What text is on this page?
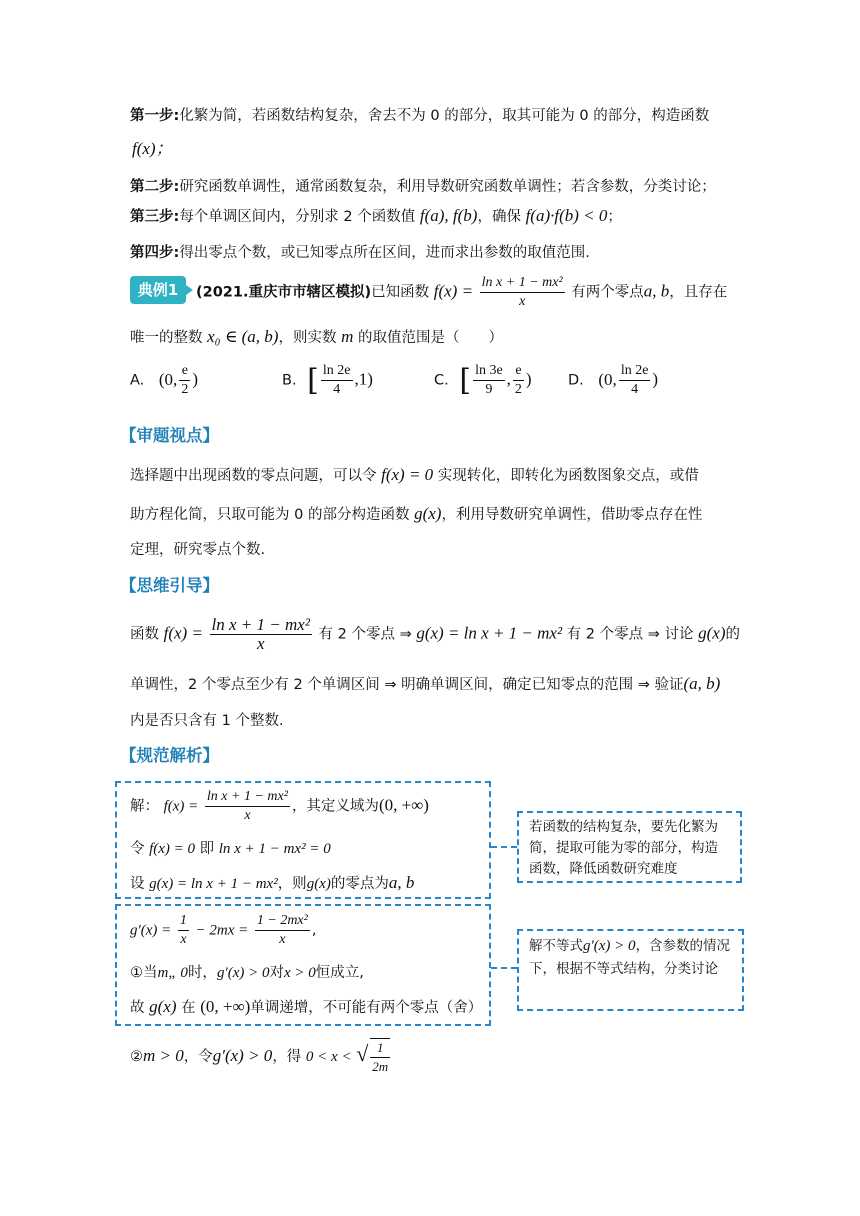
第一步:化繁为简，若函数结构复杂，舍去不为 0 的部分，取其可能为 0 的部分，构造函数
f(x)；
第二步:研究函数单调性，通常函数复杂，利用导数研究函数单调性；若含参数，分类讨论；
第三步:每个单调区间内，分别求 2 个函数值 f(a), f(b)，确保 f(a)·f(b) < 0；
第四步:得出零点个数，或已知零点所在区间，进而求出参数的取值范围.
典例1	(2021.重庆市市辖区模拟)已知函数 $f(x) = \frac{\text{ln x + 1 − mx²}}{x}$ 有两个零点a, b，且存在
唯一的整数 x₀ ∈ (a, b)，则实数 m 的取值范围是（　　）
A. (0, $\frac{e}{2}$ )	B. [ $\frac{\ln 2e}{4} ,1$)	C. [ $\frac{\ln 3e}{9}$ , $\frac{e}{2}$ )	D. (0, $\frac{\ln 2e}{4}$ )
【审题视点】
选择题中出现函数的零点问题，可以令 f(x) = 0 实现转化，即转化为函数图象交点，或借
助方程化简，只取可能为 0 的部分构造函数 g(x)，利用导数研究单调性，借助零点存在性
定理，研究零点个数.
【思维引导】
函数 $f(x) = \frac{\text{ln x + 1 − mx²}}{x}$ 有 2 个零点 ⇒ g(x) = ln x + 1 − mx² 有 2 个零点 ⇒ 讨论 g(x)的
单调性，2 个零点至少有 2 个单调区间 ⇒ 明确单调区间，确定已知零点的范围 ⇒ 验证(a, b)
内是否只含有 1 个整数.
【规范解析】
解： $f(x) = \frac{\text{ln x + 1 − mx²}}{x}$ ，其定义域为(0, +∞)
令 f(x) = 0 即 ln x + 1 − mx² = 0
设 g(x) = ln x + 1 − mx²，则g(x)的零点为a, b
$g'(x) = \frac{1}{x} - 2mx = \frac{\text{1 − 2mx²}}{x}$ ,
①当m„ 0时，g′(x) > 0对x > 0恒成立,
故 g(x) 在 (0, +∞)单调递增，不可能有两个零点（舍）
②m > 0，令g′(x) > 0，得 0 < x < √ $\frac{1}{2m}$
若函数的结构复杂，要先化繁为简，提取可能为零的部分，构造函数，降低函数研究难度
解不等式g′(x) > 0，含参数的情况下，根据不等式结构，分类讨论
